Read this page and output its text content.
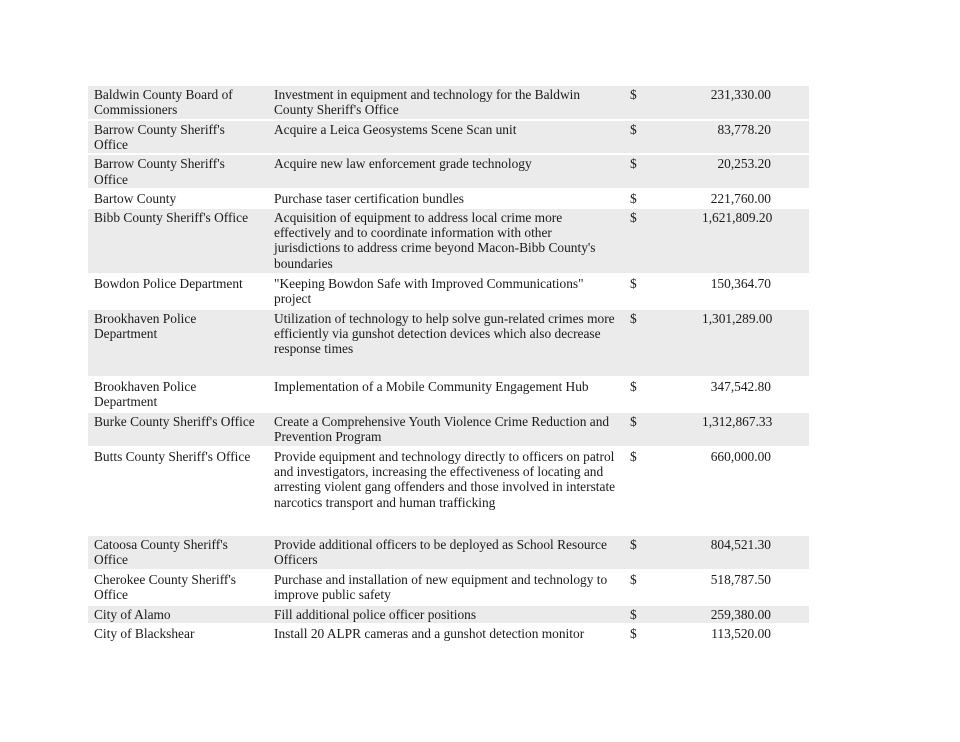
Baldwin County Board of Commissioners	Investment in equipment and technology for the Baldwin County Sheriff's Office	$	231,330.00
Barrow County Sheriff's Office	Acquire a Leica Geosystems Scene Scan unit	$	83,778.20
Barrow County Sheriff's Office	Acquire new law enforcement grade technology	$	20,253.20
Bartow County	Purchase taser certification bundles	$	221,760.00
Bibb County Sheriff's Office	Acquisition of equipment to address local crime more effectively and to coordinate information with other jurisdictions to address crime beyond Macon-Bibb County's boundaries	$	1,621,809.20
Bowdon Police Department	"Keeping Bowdon Safe with Improved Communications" project	$	150,364.70
Brookhaven Police Department	Utilization of technology to help solve gun-related crimes more efficiently via gunshot detection devices which also decrease response times	$	1,301,289.00
Brookhaven Police Department	Implementation of a Mobile Community Engagement Hub	$	347,542.80
Burke County Sheriff's Office	Create a Comprehensive Youth Violence Crime Reduction and Prevention Program	$	1,312,867.33
Butts County Sheriff's Office	Provide equipment and technology directly to officers on patrol and investigators, increasing the effectiveness of locating and arresting violent gang offenders and those involved in interstate narcotics transport and human trafficking	$	660,000.00
Catoosa County Sheriff's Office	Provide additional officers to be deployed as School Resource Officers	$	804,521.30
Cherokee County Sheriff's Office	Purchase and installation of new equipment and technology to improve public safety	$	518,787.50
City of Alamo	Fill additional police officer positions	$	259,380.00
City of Blackshear	Install 20 ALPR cameras and a gunshot detection monitor	$	113,520.00
